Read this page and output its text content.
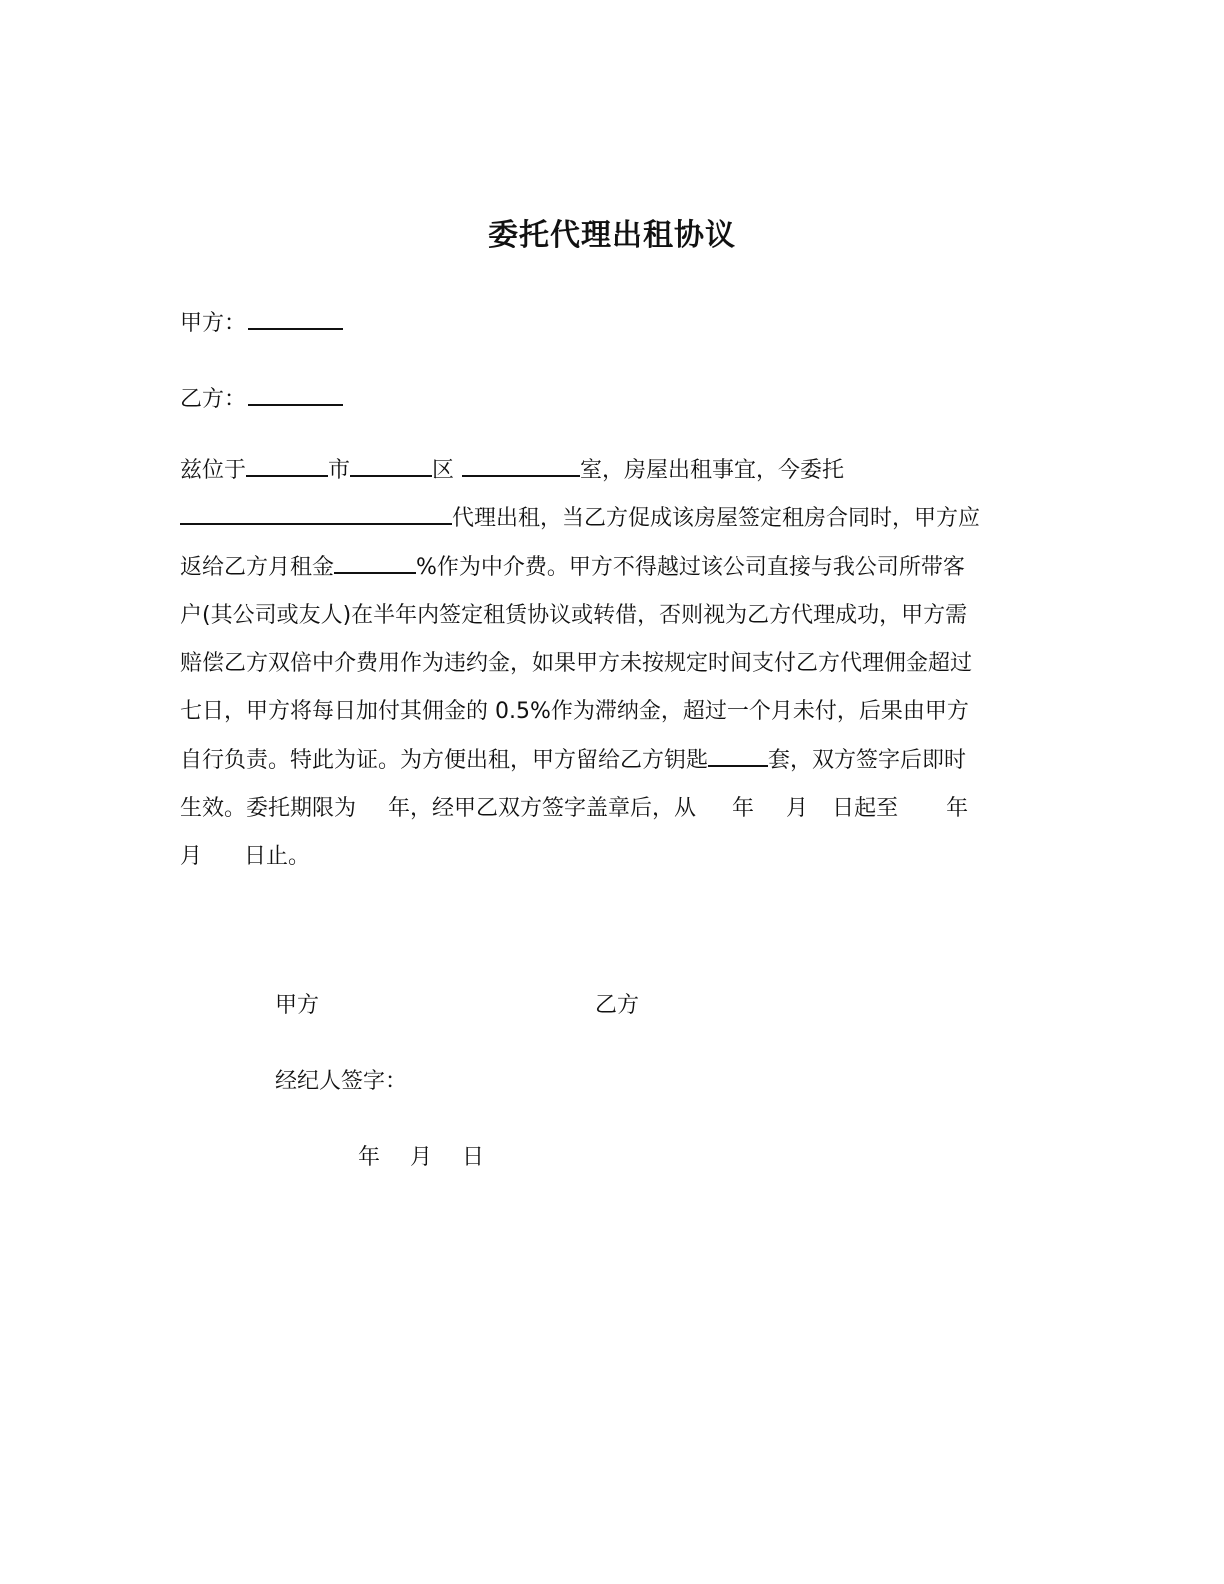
委托代理出租协议
甲方：
乙方：
兹位于	市	区	室，房屋出租事宜，今委托
代理出租，当乙方促成该房屋签定租房合同时，甲方应
返给乙方月租金	%作为中介费。甲方不得越过该公司直接与我公司所带客
户(其公司或友人)在半年内签定租赁协议或转借，否则视为乙方代理成功，甲方需
赔偿乙方双倍中介费用作为违约金，如果甲方未按规定时间支付乙方代理佣金超过
七日，甲方将每日加付其佣金的 0.5%作为滞纳金，超过一个月未付，后果由甲方
自行负责。特此为证。为方便出租，甲方留给乙方钥匙	套，双方签字后即时
生效。委托期限为 年，经甲乙双方签字盖章后，从 年 月 日起至 年
月 日止。
甲方	乙方
经纪人签字：
年 月 日
